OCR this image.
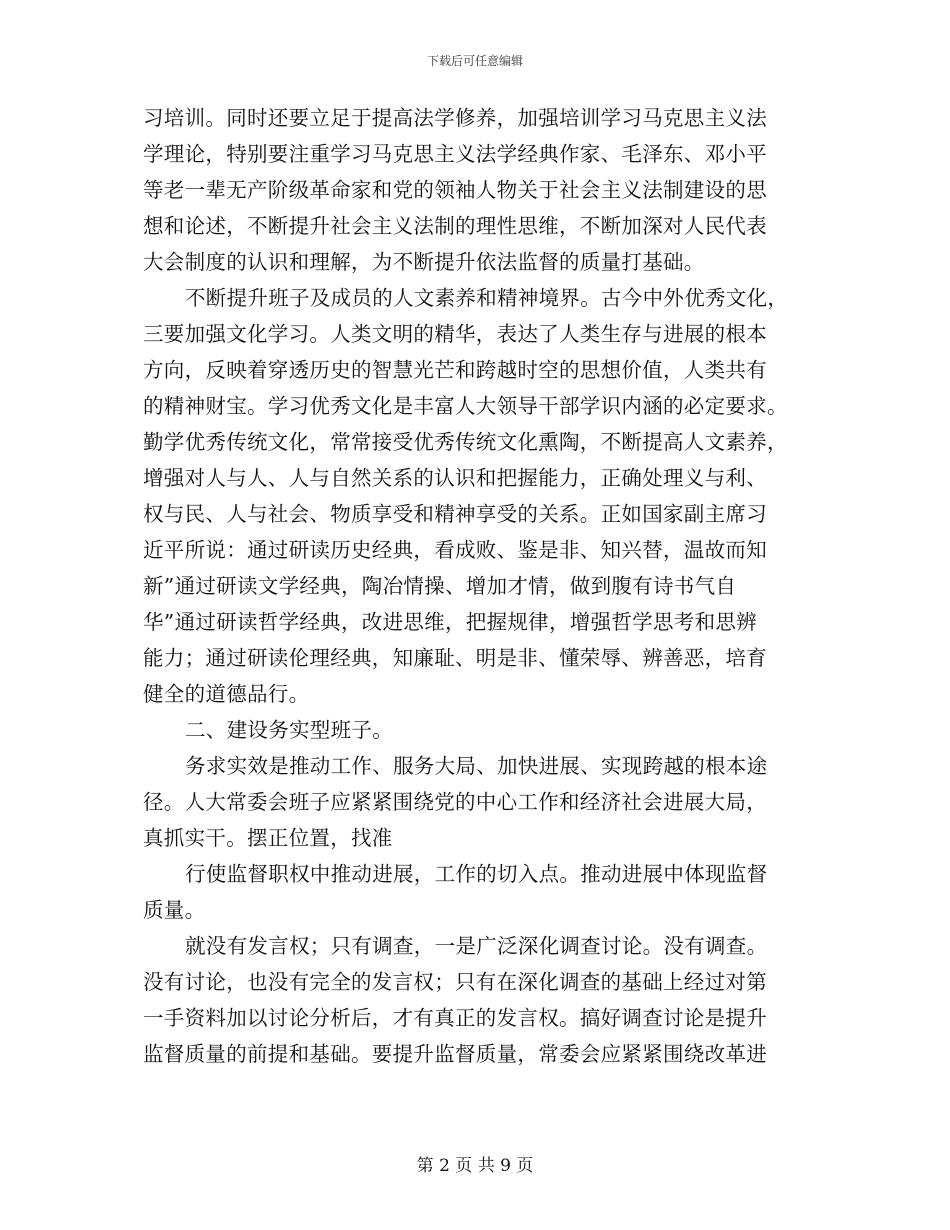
下载后可任意编辑
习培训。同时还要立足于提高法学修养，加强培训学习马克思主义法
学理论，特别要注重学习马克思主义法学经典作家、毛泽东、邓小平
等老一辈无产阶级革命家和党的领袖人物关于社会主义法制建设的思
想和论述，不断提升社会主义法制的理性思维，不断加深对人民代表
大会制度的认识和理解，为不断提升依法监督的质量打基础。
不断提升班子及成员的人文素养和精神境界。古今中外优秀文化，
三要加强文化学习。人类文明的精华，表达了人类生存与进展的根本
方向，反映着穿透历史的智慧光芒和跨越时空的思想价值，人类共有
的精神财宝。学习优秀文化是丰富人大领导干部学识内涵的必定要求。
勤学优秀传统文化，常常接受优秀传统文化熏陶，不断提高人文素养，
增强对人与人、人与自然关系的认识和把握能力，正确处理义与利、
权与民、人与社会、物质享受和精神享受的关系。正如国家副主席习
近平所说：通过研读历史经典，看成败、鉴是非、知兴替，温故而知
新”通过研读文学经典，陶冶情操、增加才情，做到腹有诗书气自
华”通过研读哲学经典，改进思维，把握规律，增强哲学思考和思辨
能力；通过研读伦理经典，知廉耻、明是非、懂荣辱、辨善恶，培育
健全的道德品行。
二、建设务实型班子。
务求实效是推动工作、服务大局、加快进展、实现跨越的根本途
径。人大常委会班子应紧紧围绕党的中心工作和经济社会进展大局，
真抓实干。摆正位置，找准
行使监督职权中推动进展，工作的切入点。推动进展中体现监督
质量。
就没有发言权；只有调查，一是广泛深化调查讨论。没有调查。
没有讨论，也没有完全的发言权；只有在深化调查的基础上经过对第
一手资料加以讨论分析后，才有真正的发言权。搞好调查讨论是提升
监督质量的前提和基础。要提升监督质量，常委会应紧紧围绕改革进
第 2 页 共 9 页
